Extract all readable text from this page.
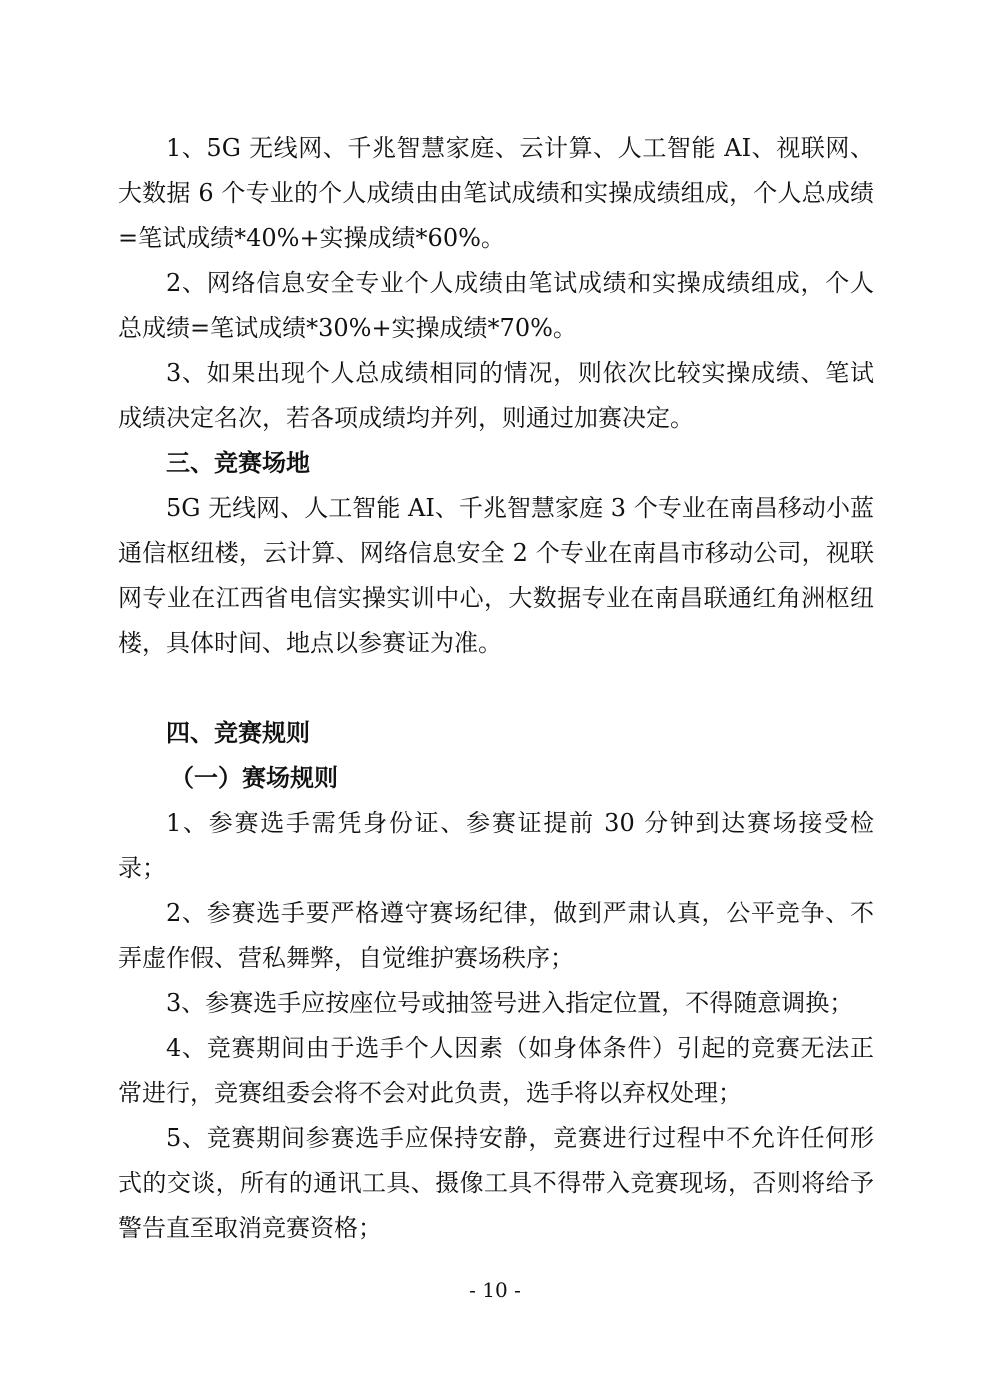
1、5G 无线网、千兆智慧家庭、云计算、人工智能 AI、视联网、大数据 6 个专业的个人成绩由由笔试成绩和实操成绩组成，个人总成绩=笔试成绩*40%+实操成绩*60%。

2、网络信息安全专业个人成绩由笔试成绩和实操成绩组成，个人总成绩=笔试成绩*30%+实操成绩*70%。

3、如果出现个人总成绩相同的情况，则依次比较实操成绩、笔试成绩决定名次，若各项成绩均并列，则通过加赛决定。

三、竞赛场地

5G 无线网、人工智能 AI、千兆智慧家庭 3 个专业在南昌移动小蓝通信枢纽楼，云计算、网络信息安全 2 个专业在南昌市移动公司，视联网专业在江西省电信实操实训中心，大数据专业在南昌联通红角洲枢纽楼，具体时间、地点以参赛证为准。

四、竞赛规则

（一）赛场规则

1、参赛选手需凭身份证、参赛证提前 30 分钟到达赛场接受检录；

2、参赛选手要严格遵守赛场纪律，做到严肃认真，公平竞争、不弄虚作假、营私舞弊，自觉维护赛场秩序；

3、参赛选手应按座位号或抽签号进入指定位置，不得随意调换；

4、竞赛期间由于选手个人因素（如身体条件）引起的竞赛无法正常进行，竞赛组委会将不会对此负责，选手将以弃权处理；

5、竞赛期间参赛选手应保持安静，竞赛进行过程中不允许任何形式的交谈，所有的通讯工具、摄像工具不得带入竞赛现场，否则将给予警告直至取消竞赛资格；

- 10 -
